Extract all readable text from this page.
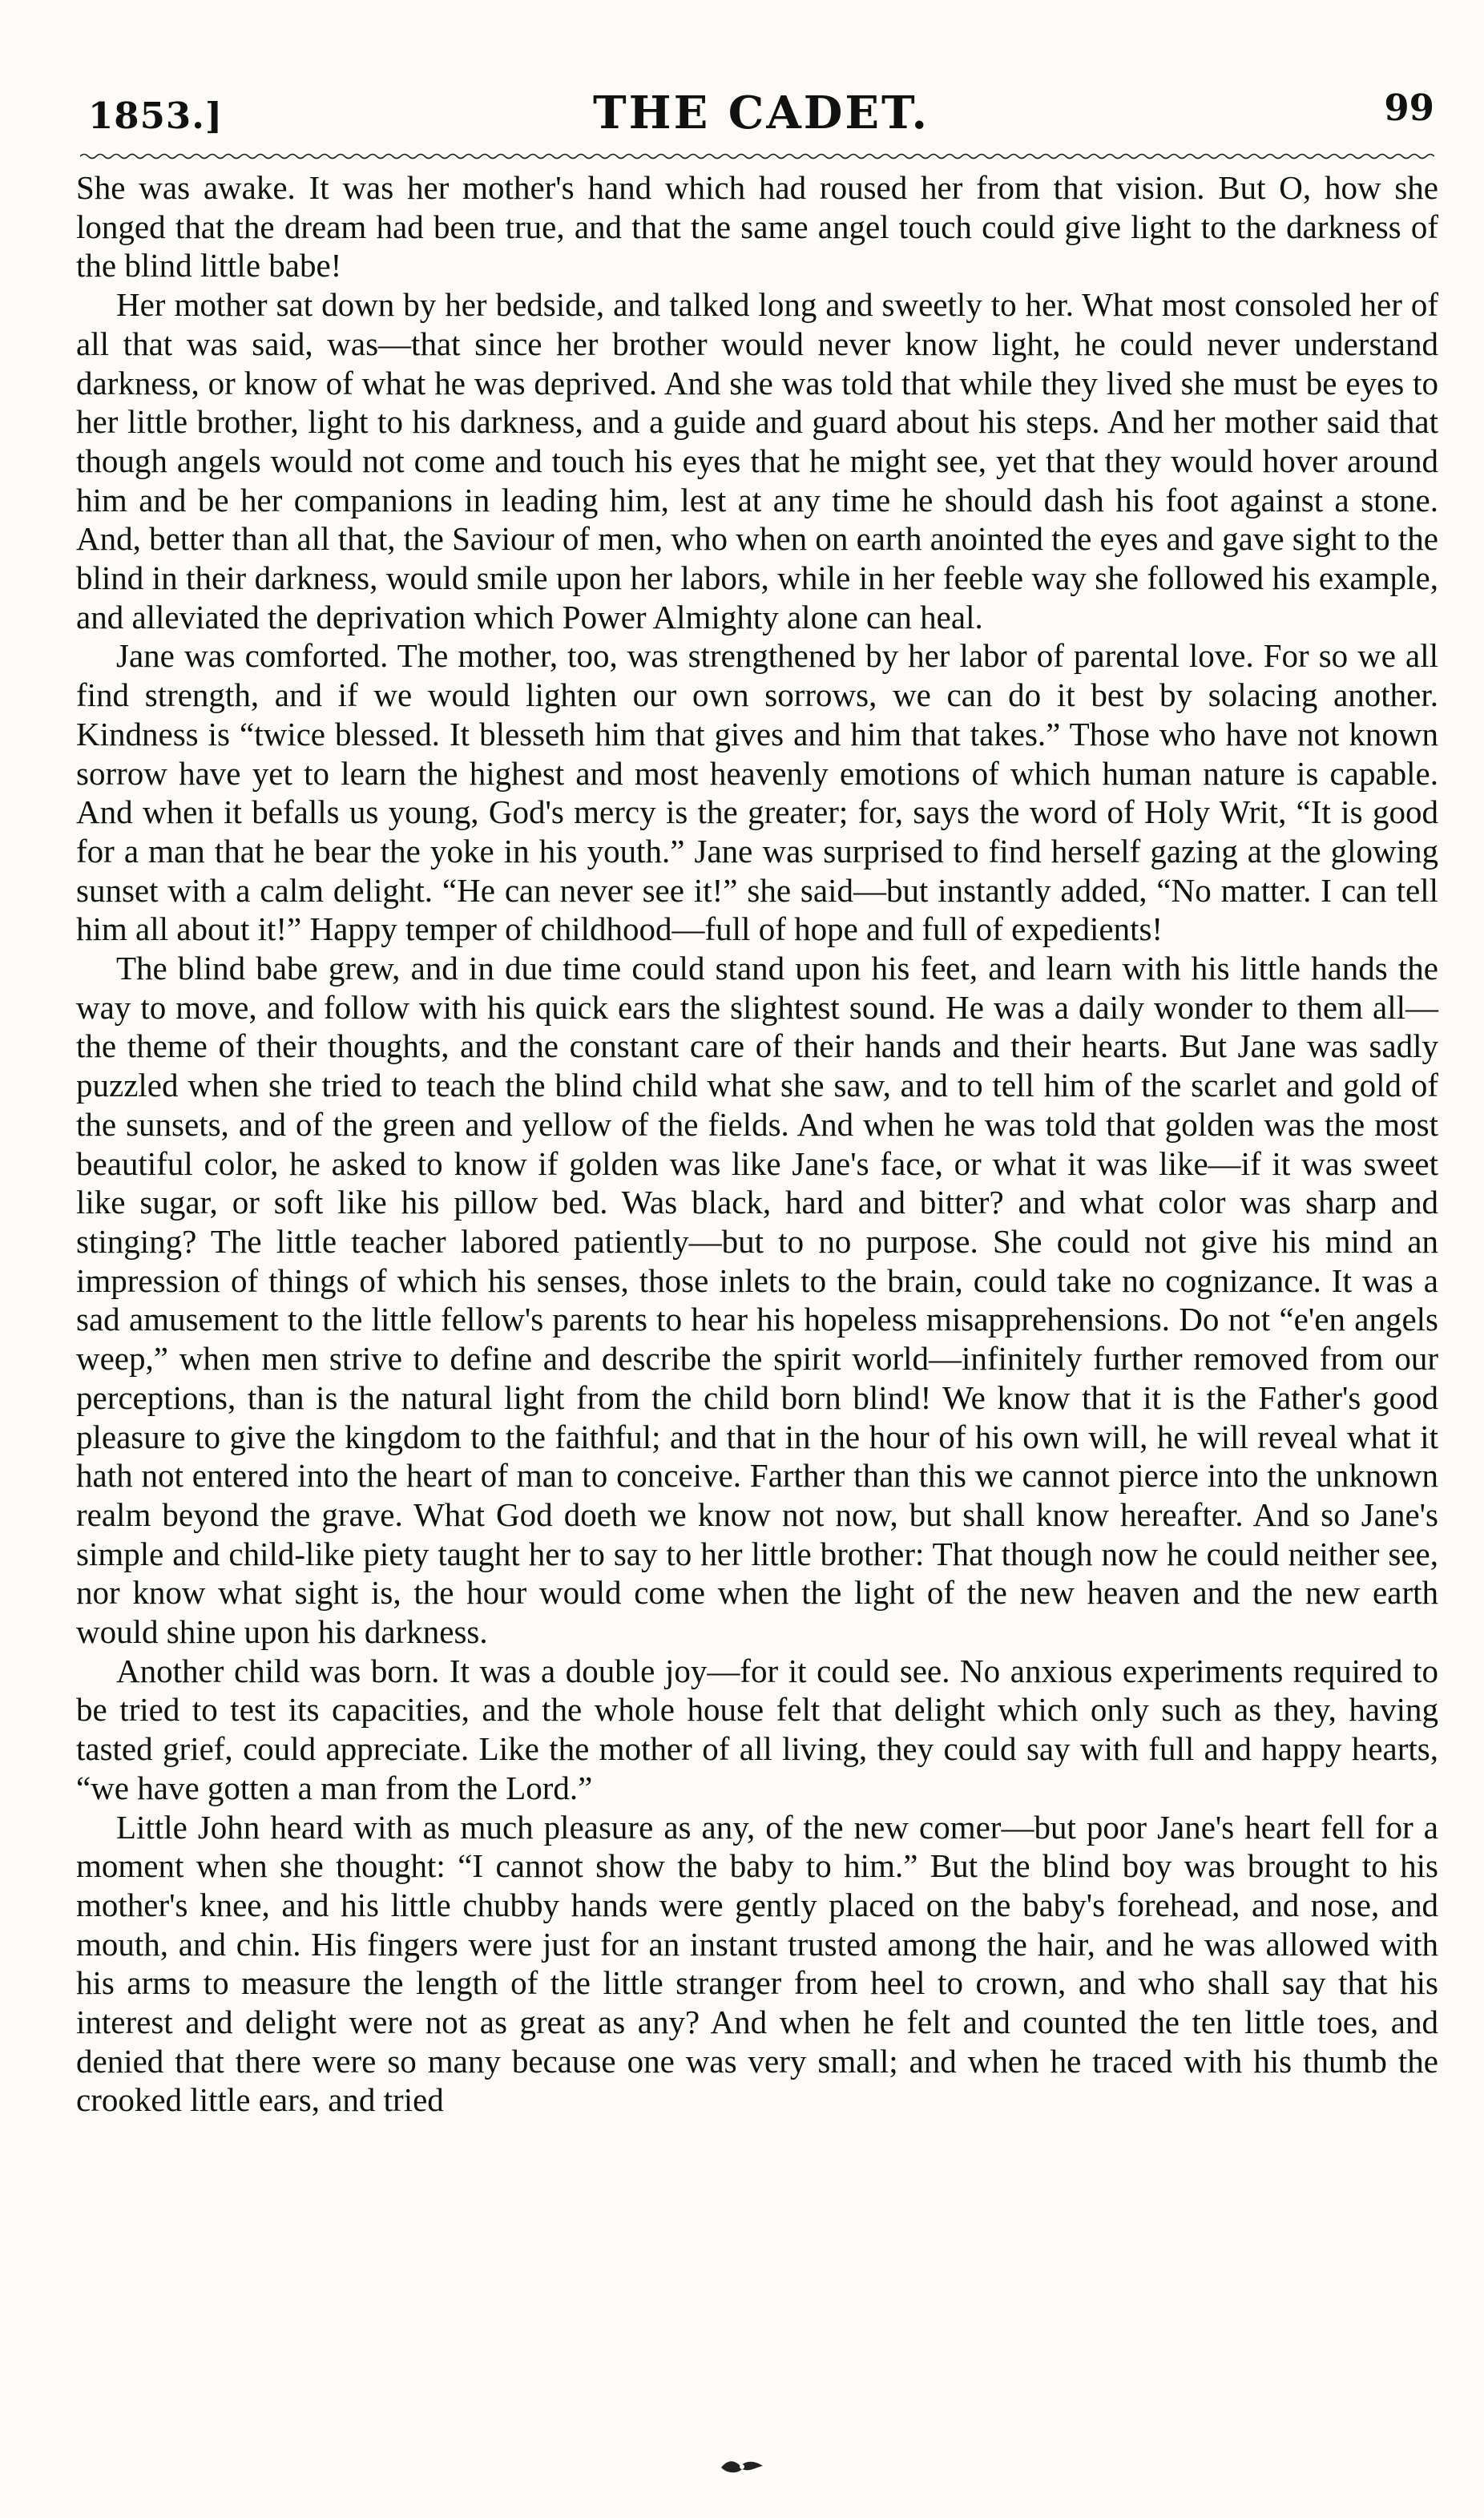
1853.]	THE CADET.	99

She was awake. It was her mother's hand which had roused her from that vision. But O, how she longed that the dream had been true, and that the same angel touch could give light to the darkness of the blind little babe!

Her mother sat down by her bedside, and talked long and sweetly to her. What most consoled her of all that was said, was—that since her brother would never know light, he could never understand darkness, or know of what he was deprived. And she was told that while they lived she must be eyes to her little brother, light to his darkness, and a guide and guard about his steps. And her mother said that though angels would not come and touch his eyes that he might see, yet that they would hover around him and be her companions in leading him, lest at any time he should dash his foot against a stone. And, better than all that, the Saviour of men, who when on earth anointed the eyes and gave sight to the blind in their darkness, would smile upon her labors, while in her feeble way she followed his example, and alleviated the deprivation which Power Almighty alone can heal.

Jane was comforted. The mother, too, was strengthened by her labor of parental love. For so we all find strength, and if we would lighten our own sorrows, we can do it best by solacing another. Kindness is “twice blessed. It blesseth him that gives and him that takes.” Those who have not known sorrow have yet to learn the highest and most heavenly emotions of which human nature is capable. And when it befalls us young, God's mercy is the greater; for, says the word of Holy Writ, “It is good for a man that he bear the yoke in his youth.” Jane was surprised to find herself gazing at the glowing sunset with a calm delight. “He can never see it!” she said—but instantly added, “No matter. I can tell him all about it!” Happy temper of childhood—full of hope and full of expedients!

The blind babe grew, and in due time could stand upon his feet, and learn with his little hands the way to move, and follow with his quick ears the slightest sound. He was a daily wonder to them all—the theme of their thoughts, and the constant care of their hands and their hearts. But Jane was sadly puzzled when she tried to teach the blind child what she saw, and to tell him of the scarlet and gold of the sunsets, and of the green and yellow of the fields. And when he was told that golden was the most beautiful color, he asked to know if golden was like Jane's face, or what it was like—if it was sweet like sugar, or soft like his pillow bed. Was black, hard and bitter? and what color was sharp and stinging? The little teacher labored patiently—but to no purpose. She could not give his mind an impression of things of which his senses, those inlets to the brain, could take no cognizance. It was a sad amusement to the little fellow's parents to hear his hopeless misapprehensions. Do not “e'en angels weep,” when men strive to define and describe the spirit world—infinitely further removed from our perceptions, than is the natural light from the child born blind! We know that it is the Father's good pleasure to give the kingdom to the faithful; and that in the hour of his own will, he will reveal what it hath not entered into the heart of man to conceive. Farther than this we cannot pierce into the unknown realm beyond the grave. What God doeth we know not now, but shall know hereafter. And so Jane's simple and child-like piety taught her to say to her little brother: That though now he could neither see, nor know what sight is, the hour would come when the light of the new heaven and the new earth would shine upon his darkness.

Another child was born. It was a double joy—for it could see. No anxious experiments required to be tried to test its capacities, and the whole house felt that delight which only such as they, having tasted grief, could appreciate. Like the mother of all living, they could say with full and happy hearts, “we have gotten a man from the Lord.”

Little John heard with as much pleasure as any, of the new comer—but poor Jane's heart fell for a moment when she thought: “I cannot show the baby to him.” But the blind boy was brought to his mother's knee, and his little chubby hands were gently placed on the baby's forehead, and nose, and mouth, and chin. His fingers were just for an instant trusted among the hair, and he was allowed with his arms to measure the length of the little stranger from heel to crown, and who shall say that his interest and delight were not as great as any? And when he felt and counted the ten little toes, and denied that there were so many because one was very small; and when he traced with his thumb the crooked little ears, and tried
